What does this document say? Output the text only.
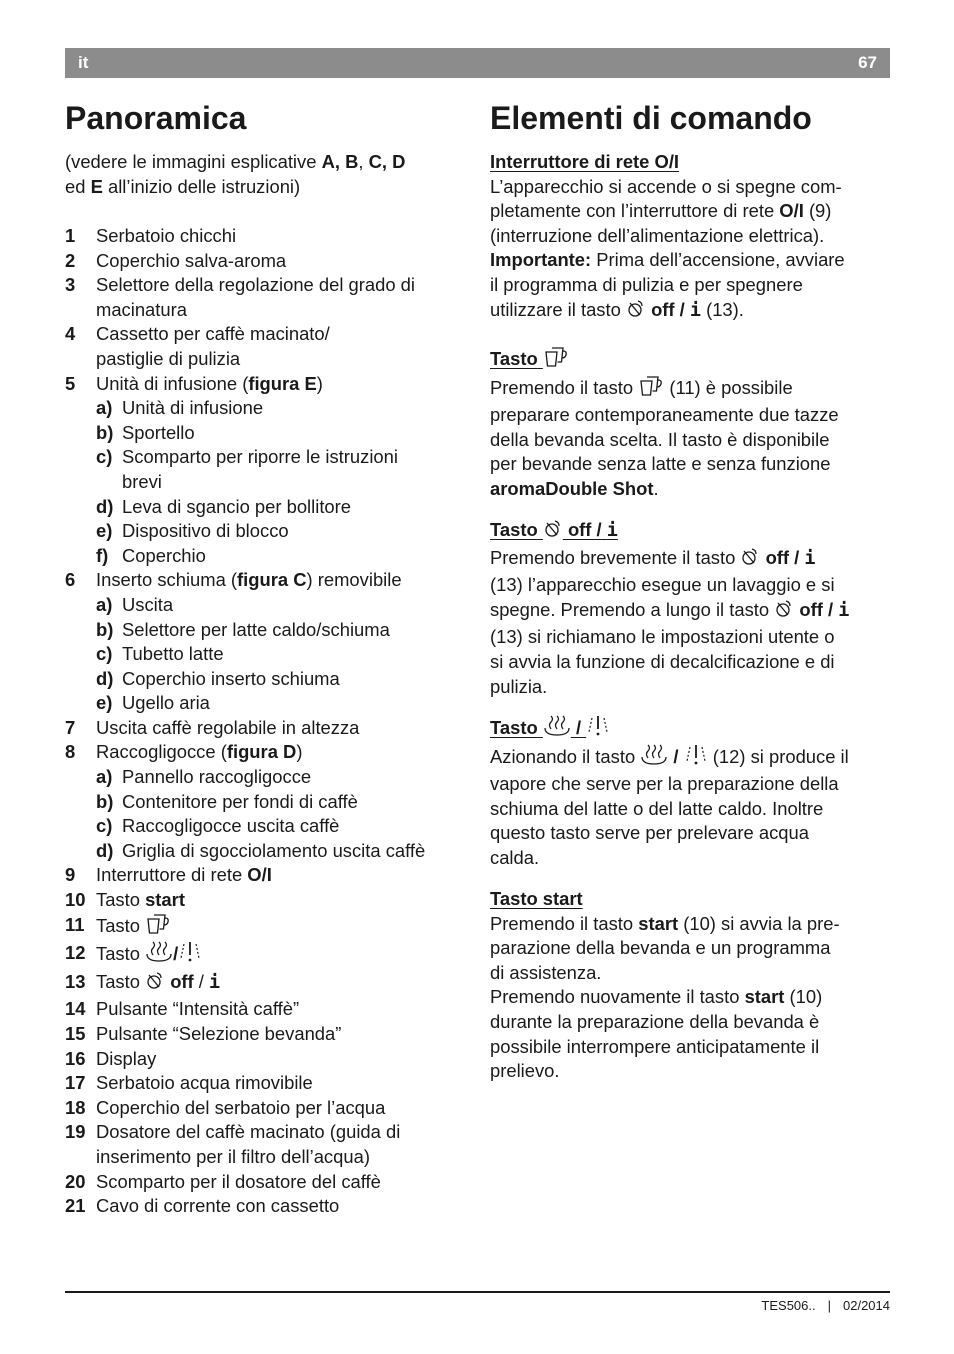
it	67
Panoramica	Elementi di comando
(vedere le immagini esplicative A, B, C, D
ed E all’inizio delle istruzioni)
1	Serbatoio chicchi
2	Coperchio salva-aroma
3	Selettore della regolazione del grado di
macinatura
4	Cassetto per caffè macinato/
pastiglie di pulizia
5	Unità di infusione (figura E)
a) Unità di infusione
b) Sportello
c) Scomparto per riporre le istruzioni
brevi
d) Leva di sgancio per bollitore
e) Dispositivo di blocco
f) Coperchio
6	Inserto schiuma (figura C) removibile
a) Uscita
b) Selettore per latte caldo/schiuma
c) Tubetto latte
d) Coperchio inserto schiuma
e) Ugello aria
7	Uscita caffè regolabile in altezza
8	Raccogligocce (figura D)
a) Pannello raccogligocce
b) Contenitore per fondi di caffè
c) Raccogligocce uscita caffè
d) Griglia di sgocciolamento uscita caffè
9	Interruttore di rete O/I
10 Tasto start
11 Tasto
12 Tasto /
13 Tasto  off / i
14 Pulsante “Intensità caffè”
15 Pulsante “Selezione bevanda”
16 Display
17 Serbatoio acqua rimovibile
18 Coperchio del serbatoio per l’acqua
19 Dosatore del caffè macinato (guida di
inserimento per il filtro dell’acqua)
20 Scomparto per il dosatore del caffè
21 Cavo di corrente con cassetto
Interruttore di rete O/I
L’apparecchio si accende o si spegne com-
pletamente con l’interruttore di rete O/I (9)
(interruzione dell’alimentazione elettrica).
Importante: Prima dell’accensione, avviare
il programma di pulizia e per spegnere
utilizzare il tasto  off / i (13).
Tasto
Premendo il tasto  (11) è possibile
preparare contemporaneamente due tazze
della bevanda scelta. Il tasto è disponibile
per bevande senza latte e senza funzione
aromaDouble Shot.
Tasto off / i
Premendo brevemente il tasto  off / i
(13) l’apparecchio esegue un lavaggio e si
spegne. Premendo a lungo il tasto  off / i
(13) si richiamano le impostazioni utente o
si avvia la funzione di decalcificazione e di
pulizia.
Tasto /
Azionando il tasto  /  (12) si produce il
vapore che serve per la preparazione della
schiuma del latte o del latte caldo. Inoltre
questo tasto serve per prelevare acqua
calda.
Tasto start
Premendo il tasto start (10) si avvia la pre-
parazione della bevanda e un programma
di assistenza.
Premendo nuovamente il tasto start (10)
durante la preparazione della bevanda è
possibile interrompere anticipatamente il
prelievo.
TES506.. | 02/2014
